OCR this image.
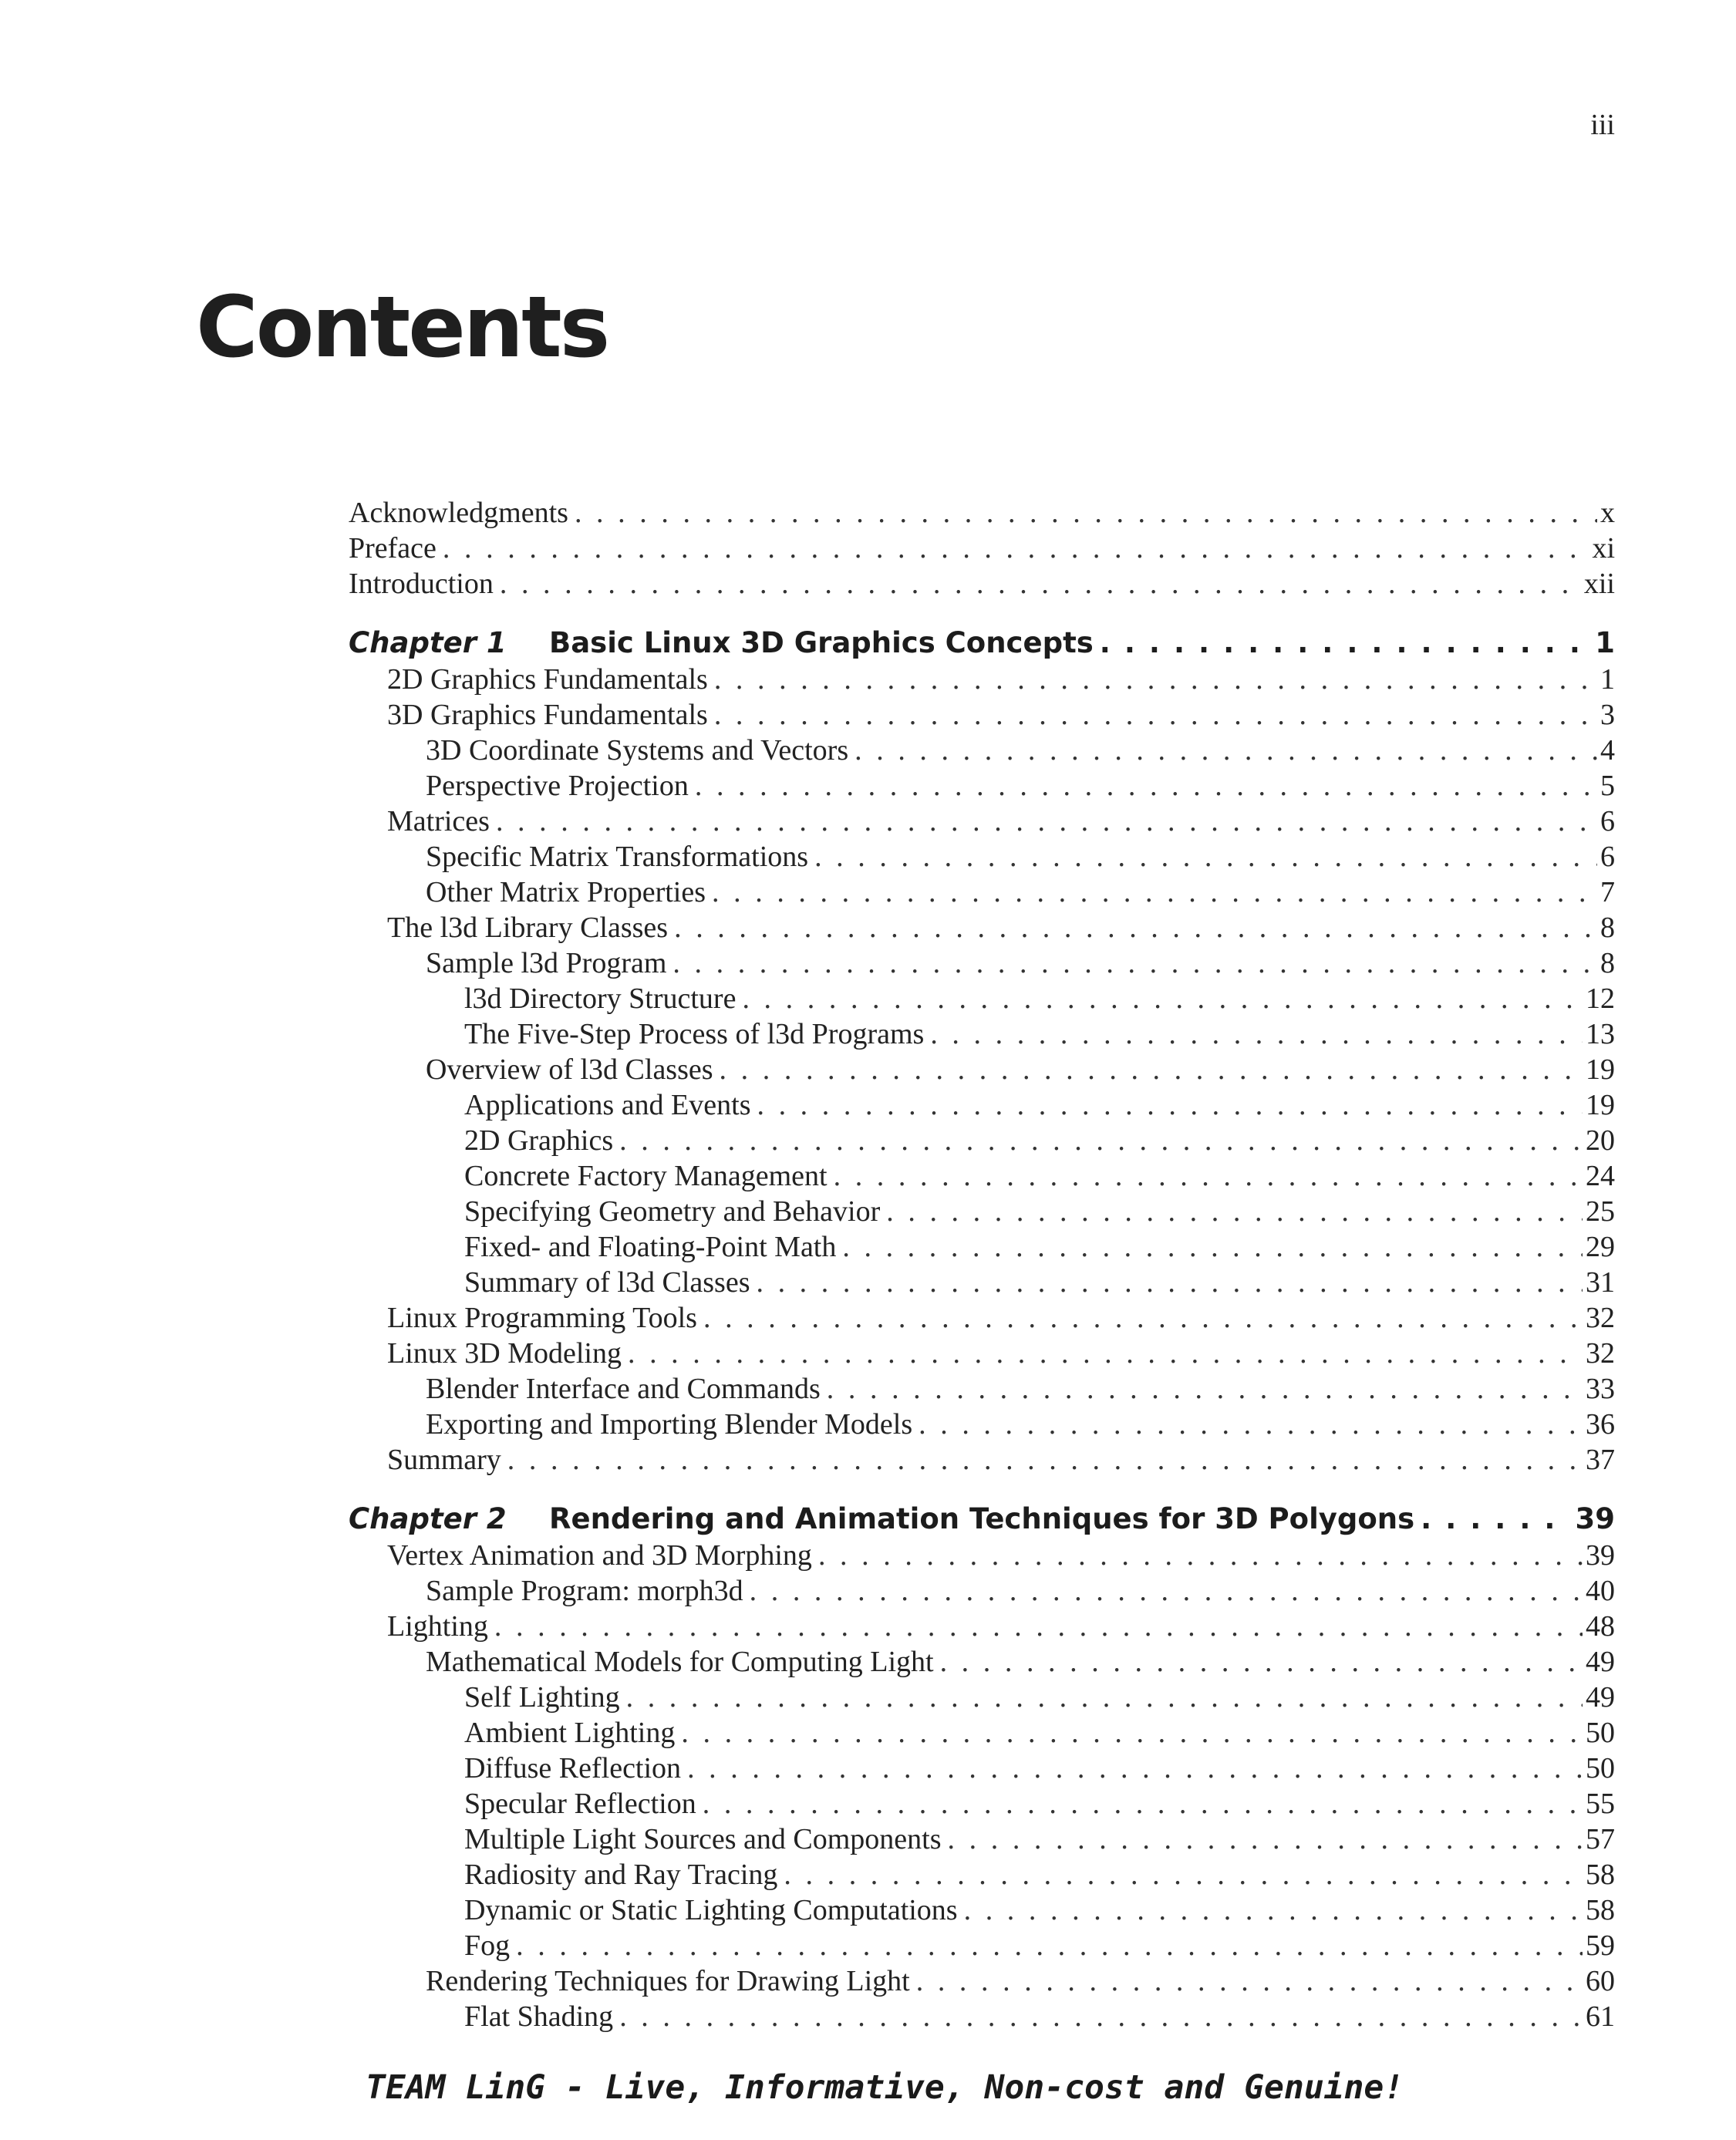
iii
Contents
Acknowledgments .....	x
Preface .....	xi
Introduction .....	xii
Chapter 1	Basic Linux 3D Graphics Concepts .....	1
2D Graphics Fundamentals .....	1
3D Graphics Fundamentals .....	3
3D Coordinate Systems and Vectors .....	4
Perspective Projection .....	5
Matrices .....	6
Specific Matrix Transformations .....	6
Other Matrix Properties .....	7
The l3d Library Classes .....	8
Sample l3d Program .....	8
l3d Directory Structure .....	12
The Five-Step Process of l3d Programs .....	13
Overview of l3d Classes .....	19
Applications and Events .....	19
2D Graphics .....	20
Concrete Factory Management .....	24
Specifying Geometry and Behavior .....	25
Fixed- and Floating-Point Math .....	29
Summary of l3d Classes .....	31
Linux Programming Tools .....	32
Linux 3D Modeling .....	32
Blender Interface and Commands .....	33
Exporting and Importing Blender Models .....	36
Summary .....	37
Chapter 2	Rendering and Animation Techniques for 3D Polygons .....	39
Vertex Animation and 3D Morphing .....	39
Sample Program: morph3d .....	40
Lighting .....	48
Mathematical Models for Computing Light .....	49
Self Lighting .....	49
Ambient Lighting .....	50
Diffuse Reflection .....	50
Specular Reflection .....	55
Multiple Light Sources and Components .....	57
Radiosity and Ray Tracing .....	58
Dynamic or Static Lighting Computations .....	58
Fog .....	59
Rendering Techniques for Drawing Light .....	60
Flat Shading .....	61
TEAM LinG - Live, Informative, Non-cost and Genuine!
